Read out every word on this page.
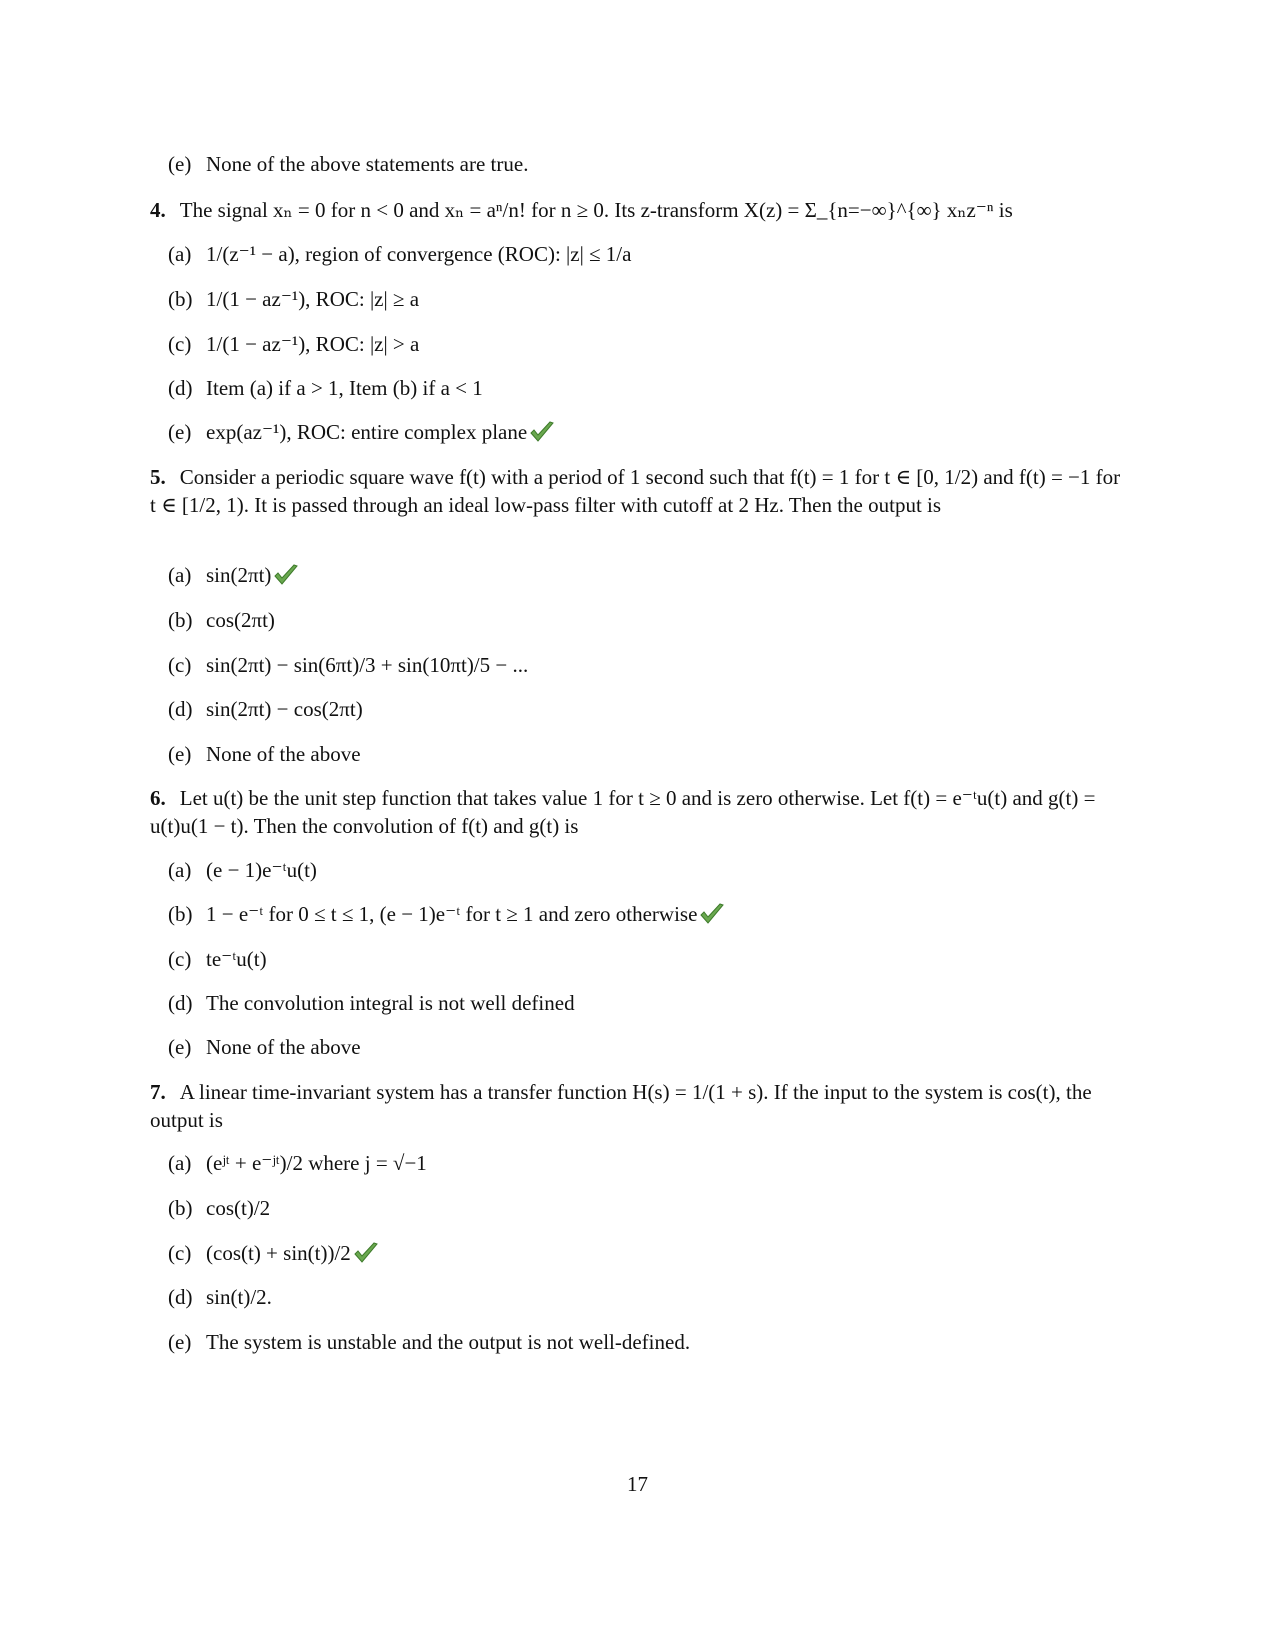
(e) None of the above statements are true.
4. The signal xₙ = 0 for n < 0 and xₙ = aⁿ/n! for n ≥ 0. Its z-transform X(z) = Σ_{n=−∞}^{∞} xₙz⁻ⁿ is
(a) 1/(z⁻¹ − a), region of convergence (ROC): |z| ≤ 1/a
(b) 1/(1 − az⁻¹), ROC: |z| ≥ a
(c) 1/(1 − az⁻¹), ROC: |z| > a
(d) Item (a) if a > 1, Item (b) if a < 1
(e) exp(az⁻¹), ROC: entire complex plane
5. Consider a periodic square wave f(t) with a period of 1 second such that f(t) = 1 for t ∈ [0, 1/2) and f(t) = −1 for t ∈ [1/2, 1). It is passed through an ideal low-pass filter with cutoff at 2 Hz. Then the output is
(a) sin(2πt)
(b) cos(2πt)
(c) sin(2πt) − sin(6πt)/3 + sin(10πt)/5 − ...
(d) sin(2πt) − cos(2πt)
(e) None of the above
6. Let u(t) be the unit step function that takes value 1 for t ≥ 0 and is zero otherwise. Let f(t) = e⁻ᵗu(t) and g(t) = u(t)u(1 − t). Then the convolution of f(t) and g(t) is
(a) (e − 1)e⁻ᵗu(t)
(b) 1 − e⁻ᵗ for 0 ≤ t ≤ 1, (e − 1)e⁻ᵗ for t ≥ 1 and zero otherwise
(c) te⁻ᵗu(t)
(d) The convolution integral is not well defined
(e) None of the above
7. A linear time-invariant system has a transfer function H(s) = 1/(1 + s). If the input to the system is cos(t), the output is
(a) (eʲᵗ + e⁻ʲᵗ)/2 where j = √−1
(b) cos(t)/2
(c) (cos(t) + sin(t))/2
(d) sin(t)/2.
(e) The system is unstable and the output is not well-defined.
17
